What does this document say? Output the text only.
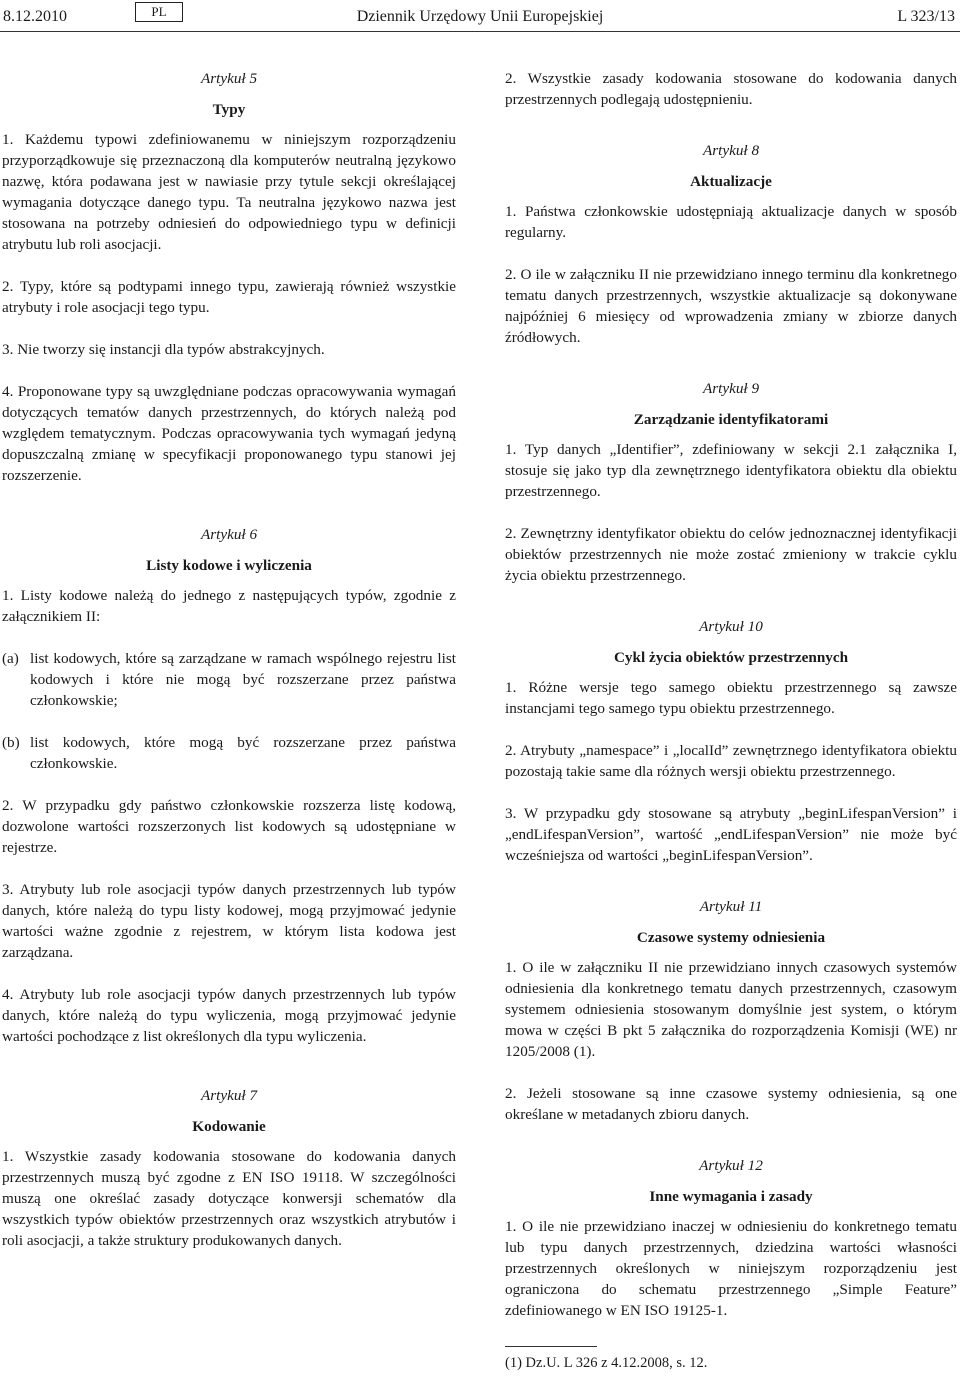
8.12.2010	PL	Dziennik Urzędowy Unii Europejskiej	L 323/13

Artykuł 5

Typy

1. Każdemu typowi zdefiniowanemu w niniejszym rozporządzeniu przyporządkowuje się przeznaczoną dla komputerów neutralną językowo nazwę, która podawana jest w nawiasie przy tytule sekcji określającej wymagania dotyczące danego typu. Ta neutralna językowo nazwa jest stosowana na potrzeby odniesień do odpowiedniego typu w definicji atrybutu lub roli asocjacji.

2. Typy, które są podtypami innego typu, zawierają również wszystkie atrybuty i role asocjacji tego typu.

3. Nie tworzy się instancji dla typów abstrakcyjnych.

4. Proponowane typy są uwzględniane podczas opracowywania wymagań dotyczących tematów danych przestrzennych, do których należą pod względem tematycznym. Podczas opracowywania tych wymagań jedyną dopuszczalną zmianę w specyfikacji proponowanego typu stanowi jej rozszerzenie.

Artykuł 6

Listy kodowe i wyliczenia

1. Listy kodowe należą do jednego z następujących typów, zgodnie z załącznikiem II:

(a) list kodowych, które są zarządzane w ramach wspólnego rejestru list kodowych i które nie mogą być rozszerzane przez państwa członkowskie;
(b) list kodowych, które mogą być rozszerzane przez państwa członkowskie.

2. W przypadku gdy państwo członkowskie rozszerza listę kodową, dozwolone wartości rozszerzonych list kodowych są udostępniane w rejestrze.

3. Atrybuty lub role asocjacji typów danych przestrzennych lub typów danych, które należą do typu listy kodowej, mogą przyjmować jedynie wartości ważne zgodnie z rejestrem, w którym lista kodowa jest zarządzana.

4. Atrybuty lub role asocjacji typów danych przestrzennych lub typów danych, które należą do typu wyliczenia, mogą przyjmować jedynie wartości pochodzące z list określonych dla typu wyliczenia.

Artykuł 7

Kodowanie

1. Wszystkie zasady kodowania stosowane do kodowania danych przestrzennych muszą być zgodne z EN ISO 19118. W szczególności muszą one określać zasady dotyczące konwersji schematów dla wszystkich typów obiektów przestrzennych oraz wszystkich atrybutów i roli asocjacji, a także struktury produkowanych danych.

2. Wszystkie zasady kodowania stosowane do kodowania danych przestrzennych podlegają udostępnieniu.

Artykuł 8

Aktualizacje

1. Państwa członkowskie udostępniają aktualizacje danych w sposób regularny.

2. O ile w załączniku II nie przewidziano innego terminu dla konkretnego tematu danych przestrzennych, wszystkie aktualizacje są dokonywane najpóźniej 6 miesięcy od wprowadzenia zmiany w zbiorze danych źródłowych.

Artykuł 9

Zarządzanie identyfikatorami

1. Typ danych „Identifier”, zdefiniowany w sekcji 2.1 załącznika I, stosuje się jako typ dla zewnętrznego identyfikatora obiektu dla obiektu przestrzennego.

2. Zewnętrzny identyfikator obiektu do celów jednoznacznej identyfikacji obiektów przestrzennych nie może zostać zmieniony w trakcie cyklu życia obiektu przestrzennego.

Artykuł 10

Cykl życia obiektów przestrzennych

1. Różne wersje tego samego obiektu przestrzennego są zawsze instancjami tego samego typu obiektu przestrzennego.

2. Atrybuty „namespace” i „localId” zewnętrznego identyfikatora obiektu pozostają takie same dla różnych wersji obiektu przestrzennego.

3. W przypadku gdy stosowane są atrybuty „beginLifespanVersion” i „endLifespanVersion”, wartość „endLifespanVersion” nie może być wcześniejsza od wartości „beginLifespanVersion”.

Artykuł 11

Czasowe systemy odniesienia

1. O ile w załączniku II nie przewidziano innych czasowych systemów odniesienia dla konkretnego tematu danych przestrzennych, czasowym systemem odniesienia stosowanym domyślnie jest system, o którym mowa w części B pkt 5 załącznika do rozporządzenia Komisji (WE) nr 1205/2008 (1).

2. Jeżeli stosowane są inne czasowe systemy odniesienia, są one określane w metadanych zbioru danych.

Artykuł 12

Inne wymagania i zasady

1. O ile nie przewidziano inaczej w odniesieniu do konkretnego tematu lub typu danych przestrzennych, dziedzina wartości własności przestrzennych określonych w niniejszym rozporządzeniu jest ograniczona do schematu przestrzennego „Simple Feature” zdefiniowanego w EN ISO 19125-1.

(1) Dz.U. L 326 z 4.12.2008, s. 12.
